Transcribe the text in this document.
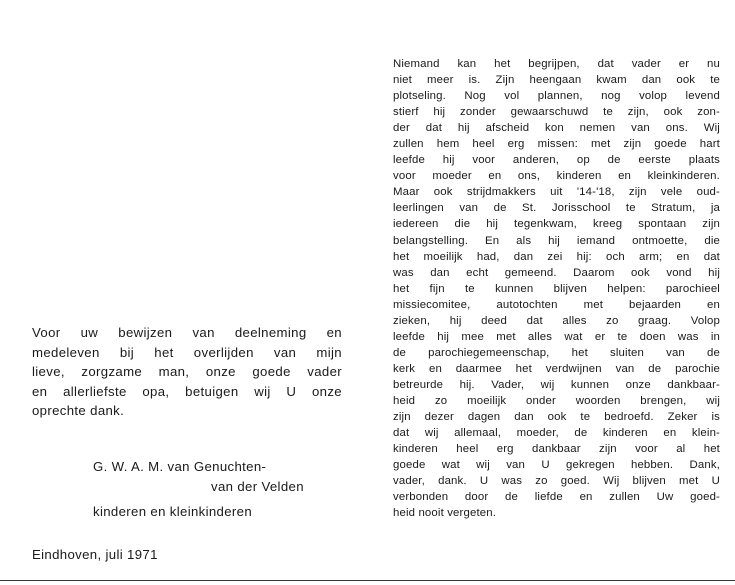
Voor uw bewijzen van deelneming en
medeleven bij het overlijden van mijn
lieve, zorgzame man, onze goede vader
en allerliefste opa, betuigen wij U onze
oprechte dank.
G. W. A. M. van Genuchten-
van der Velden
kinderen en kleinkinderen
Eindhoven, juli 1971
Niemand kan het begrijpen, dat vader er nu
niet meer is. Zijn heengaan kwam dan ook te
plotseling. Nog vol plannen, nog volop levend
stierf hij zonder gewaarschuwd te zijn, ook zon-
der dat hij afscheid kon nemen van ons. Wij
zullen hem heel erg missen: met zijn goede hart
leefde hij voor anderen, op de eerste plaats
voor moeder en ons, kinderen en kleinkinderen.
Maar ook strijdmakkers uit '14-'18, zijn vele oud-
leerlingen van de St. Jorisschool te Stratum, ja
iedereen die hij tegenkwam, kreeg spontaan zijn
belangstelling. En als hij iemand ontmoette, die
het moeilijk had, dan zei hij: och arm; en dat
was dan echt gemeend. Daarom ook vond hij
het fijn te kunnen blijven helpen: parochieel
missiecomitee, autotochten met bejaarden en
zieken, hij deed dat alles zo graag. Volop
leefde hij mee met alles wat er te doen was in
de parochiegemeenschap, het sluiten van de
kerk en daarmee het verdwijnen van de parochie
betreurde hij. Vader, wij kunnen onze dankbaar-
heid zo moeilijk onder woorden brengen, wij
zijn dezer dagen dan ook te bedroefd. Zeker is
dat wij allemaal, moeder, de kinderen en klein-
kinderen heel erg dankbaar zijn voor al het
goede wat wij van U gekregen hebben. Dank,
vader, dank. U was zo goed. Wij blijven met U
verbonden door de liefde en zullen Uw goed-
heid nooit vergeten.
